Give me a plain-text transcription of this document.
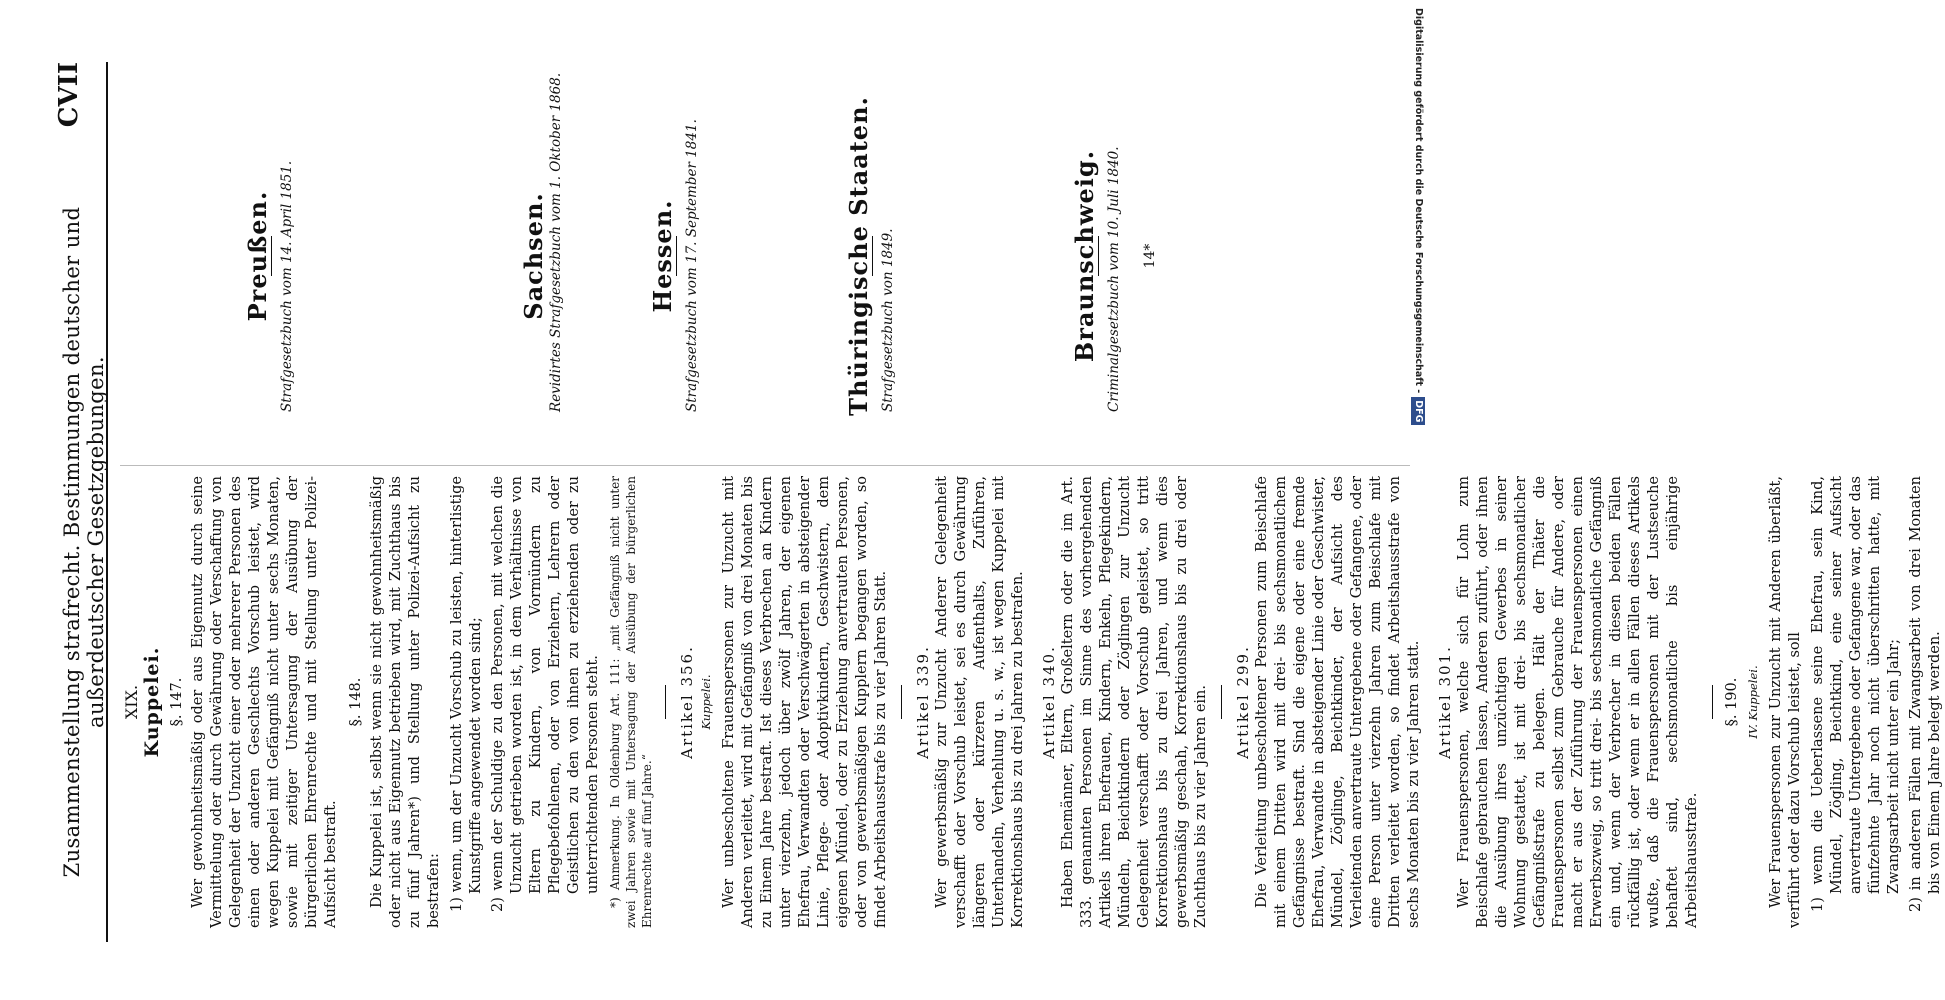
Zusammenstellung strafrecht. Bestimmungen deutscher und außerdeutscher Gesetzgebungen.
CVII
XIX. Kuppelei. §. 147. Wer gewohnheitsmäßig oder aus Eigennutz durch seine Vermittelung oder durch Gewährung oder Verschaffung von Gelegenheit der Unzucht einer oder mehrerer Personen des einen oder anderen Geschlechts Vorschub leistet, wird wegen Kuppelei mit Gefängniß nicht unter sechs Monaten, sowie mit zeitiger Untersagung der Ausübung der bürgerlichen Ehrenrechte und mit Stellung unter Polizei-Aufsicht bestraft.

§. 148. Die Kuppelei ist, selbst wenn sie nicht gewohnheitsmäßig oder nicht aus Eigennutz betrieben wird, mit Zuchthaus bis zu fünf Jahren*) und Stellung unter Polizei-Aufsicht zu bestrafen: 1) wenn, um der Unzucht Vorschub zu leisten, hinterlistige Kunstgriffe angewendet worden sind; 2) wenn der Schuldige zu den Personen, mit welchen die Unzucht getrieben worden ist, in dem Verhältnisse von Eltern zu Kindern, von Vormündern zu Pflegebefohlenen, oder von Erziehern, Lehrern oder Geistlichen zu den von ihnen zu erziehenden oder zu unterrichtenden Personen steht. *) Anmerkung. In Oldenburg Art. 111: „mit Gefängniß nicht unter zwei Jahren sowie mit Untersagung der Ausübung der bürgerlichen Ehrenrechte auf fünf Jahre.“
Artikel 356. Kuppelei. Wer unbescholtene Frauenspersonen zur Unzucht mit Anderen verleitet, wird mit Gefängniß von drei Monaten bis zu Einem Jahre bestraft. Ist dieses Verbrechen an Kindern unter vierzehn, jedoch über zwölf Jahren, der eigenen Ehefrau, Verwandten oder Verschwägerten in absteigender Linie, Pflege- oder Adoptivkindern, Geschwistern, dem eigenen Mündel, oder zu Erziehung anvertrauten Personen, oder von gewerbsmäßigen Kupplern begangen worden, so findet Arbeitshausstrafe bis zu vier Jahren Statt. Artikel 339. Wer gewerbsmäßig zur Unzucht Anderer Gelegenheit verschafft oder Vorschub leistet, sei es durch Gewährung längeren oder kürzeren Aufenthalts, Zuführen, Unterhandeln, Verhehlung u. s. w., ist wegen Kuppelei mit Korrektionshaus bis zu drei Jahren zu bestrafen. Artikel 340. Haben Ehemänner, Eltern, Großeltern oder die im Art. 333. genannten Personen im Sinne des vorhergehenden Artikels ihren Ehefrauen, Kindern, Enkeln, Pflegekindern, Mündeln, Beichtkindern oder Zöglingen zur Unzucht Gelegenheit verschafft oder Vorschub geleistet, so tritt Korrektionshaus bis zu drei Jahren, und wenn dies gewerbsmäßig geschah, Korrektionshaus bis zu drei oder Zuchthaus bis zu vier Jahren ein. Artikel 299. Die Verleitung unbescholtener Personen zum Beischlafe mit einem Dritten wird mit drei- bis sechsmonatlichem Gefängnisse bestraft. Sind die eigene oder eine fremde Ehefrau, Verwandte in absteigender Linie oder Geschwister, Mündel, Zöglinge, Beichtkinder, der Aufsicht des Verleitenden anvertraute Untergebene oder Gefangene, oder eine Person unter vierzehn Jahren zum Beischlafe mit Dritten verleitet worden, so findet Arbeitshausstrafe von sechs Monaten bis zu vier Jahren statt. Artikel 301. Wer Frauenspersonen, welche sich für Lohn zum Beischlafe gebrauchen lassen, Anderen zuführt, oder ihnen die Ausübung ihres unzüchtigen Gewerbes in seiner Wohnung gestattet, ist mit drei- bis sechsmonatlicher Gefängnißstrafe zu belegen. Hält der Thäter die Frauenspersonen selbst zum Gebrauche für Andere, oder macht er aus der Zuführung der Frauenspersonen einen Erwerbszweig, so tritt drei- bis sechsmonatliche Gefängniß ein und, wenn der Verbrecher in diesen beiden Fällen rückfällig ist, oder wenn er in allen Fällen dieses Artikels wußte, daß die Frauenspersonen mit der Lustseuche behaftet sind, sechsmonatliche bis einjährige Arbeitshausstrafe.

§. 190. IV. Kuppelei. Wer Frauenspersonen zur Unzucht mit Anderen überläßt, verführt oder dazu Vorschub leistet, soll 1) wenn die Ueberlassene seine Ehefrau, sein Kind, Mündel, Zögling, Beichtkind, eine seiner Aufsicht anvertraute Untergebene oder Gefangene war, oder das fünfzehnte Jahr noch nicht überschritten hatte, mit Zwangsarbeit nicht unter ein Jahr; 2) in anderen Fällen mit Zwangsarbeit von drei Monaten bis von Einem Jahre belegt werden.
Preußen. Strafgesetzbuch vom 14. April 1851.	Sachsen. Revidirtes Strafgesetzbuch vom 1. Oktober 1868.	Hessen. Strafgesetzbuch vom 17. September 1841.	Thüringische Staaten. Strafgesetzbuch von 1849.	Braunschweig. Criminalgesetzbuch vom 10. Juli 1840. 14*	Digitalisierung gefördert durch die Deutsche Forschungsgemeinschaft -DFG
